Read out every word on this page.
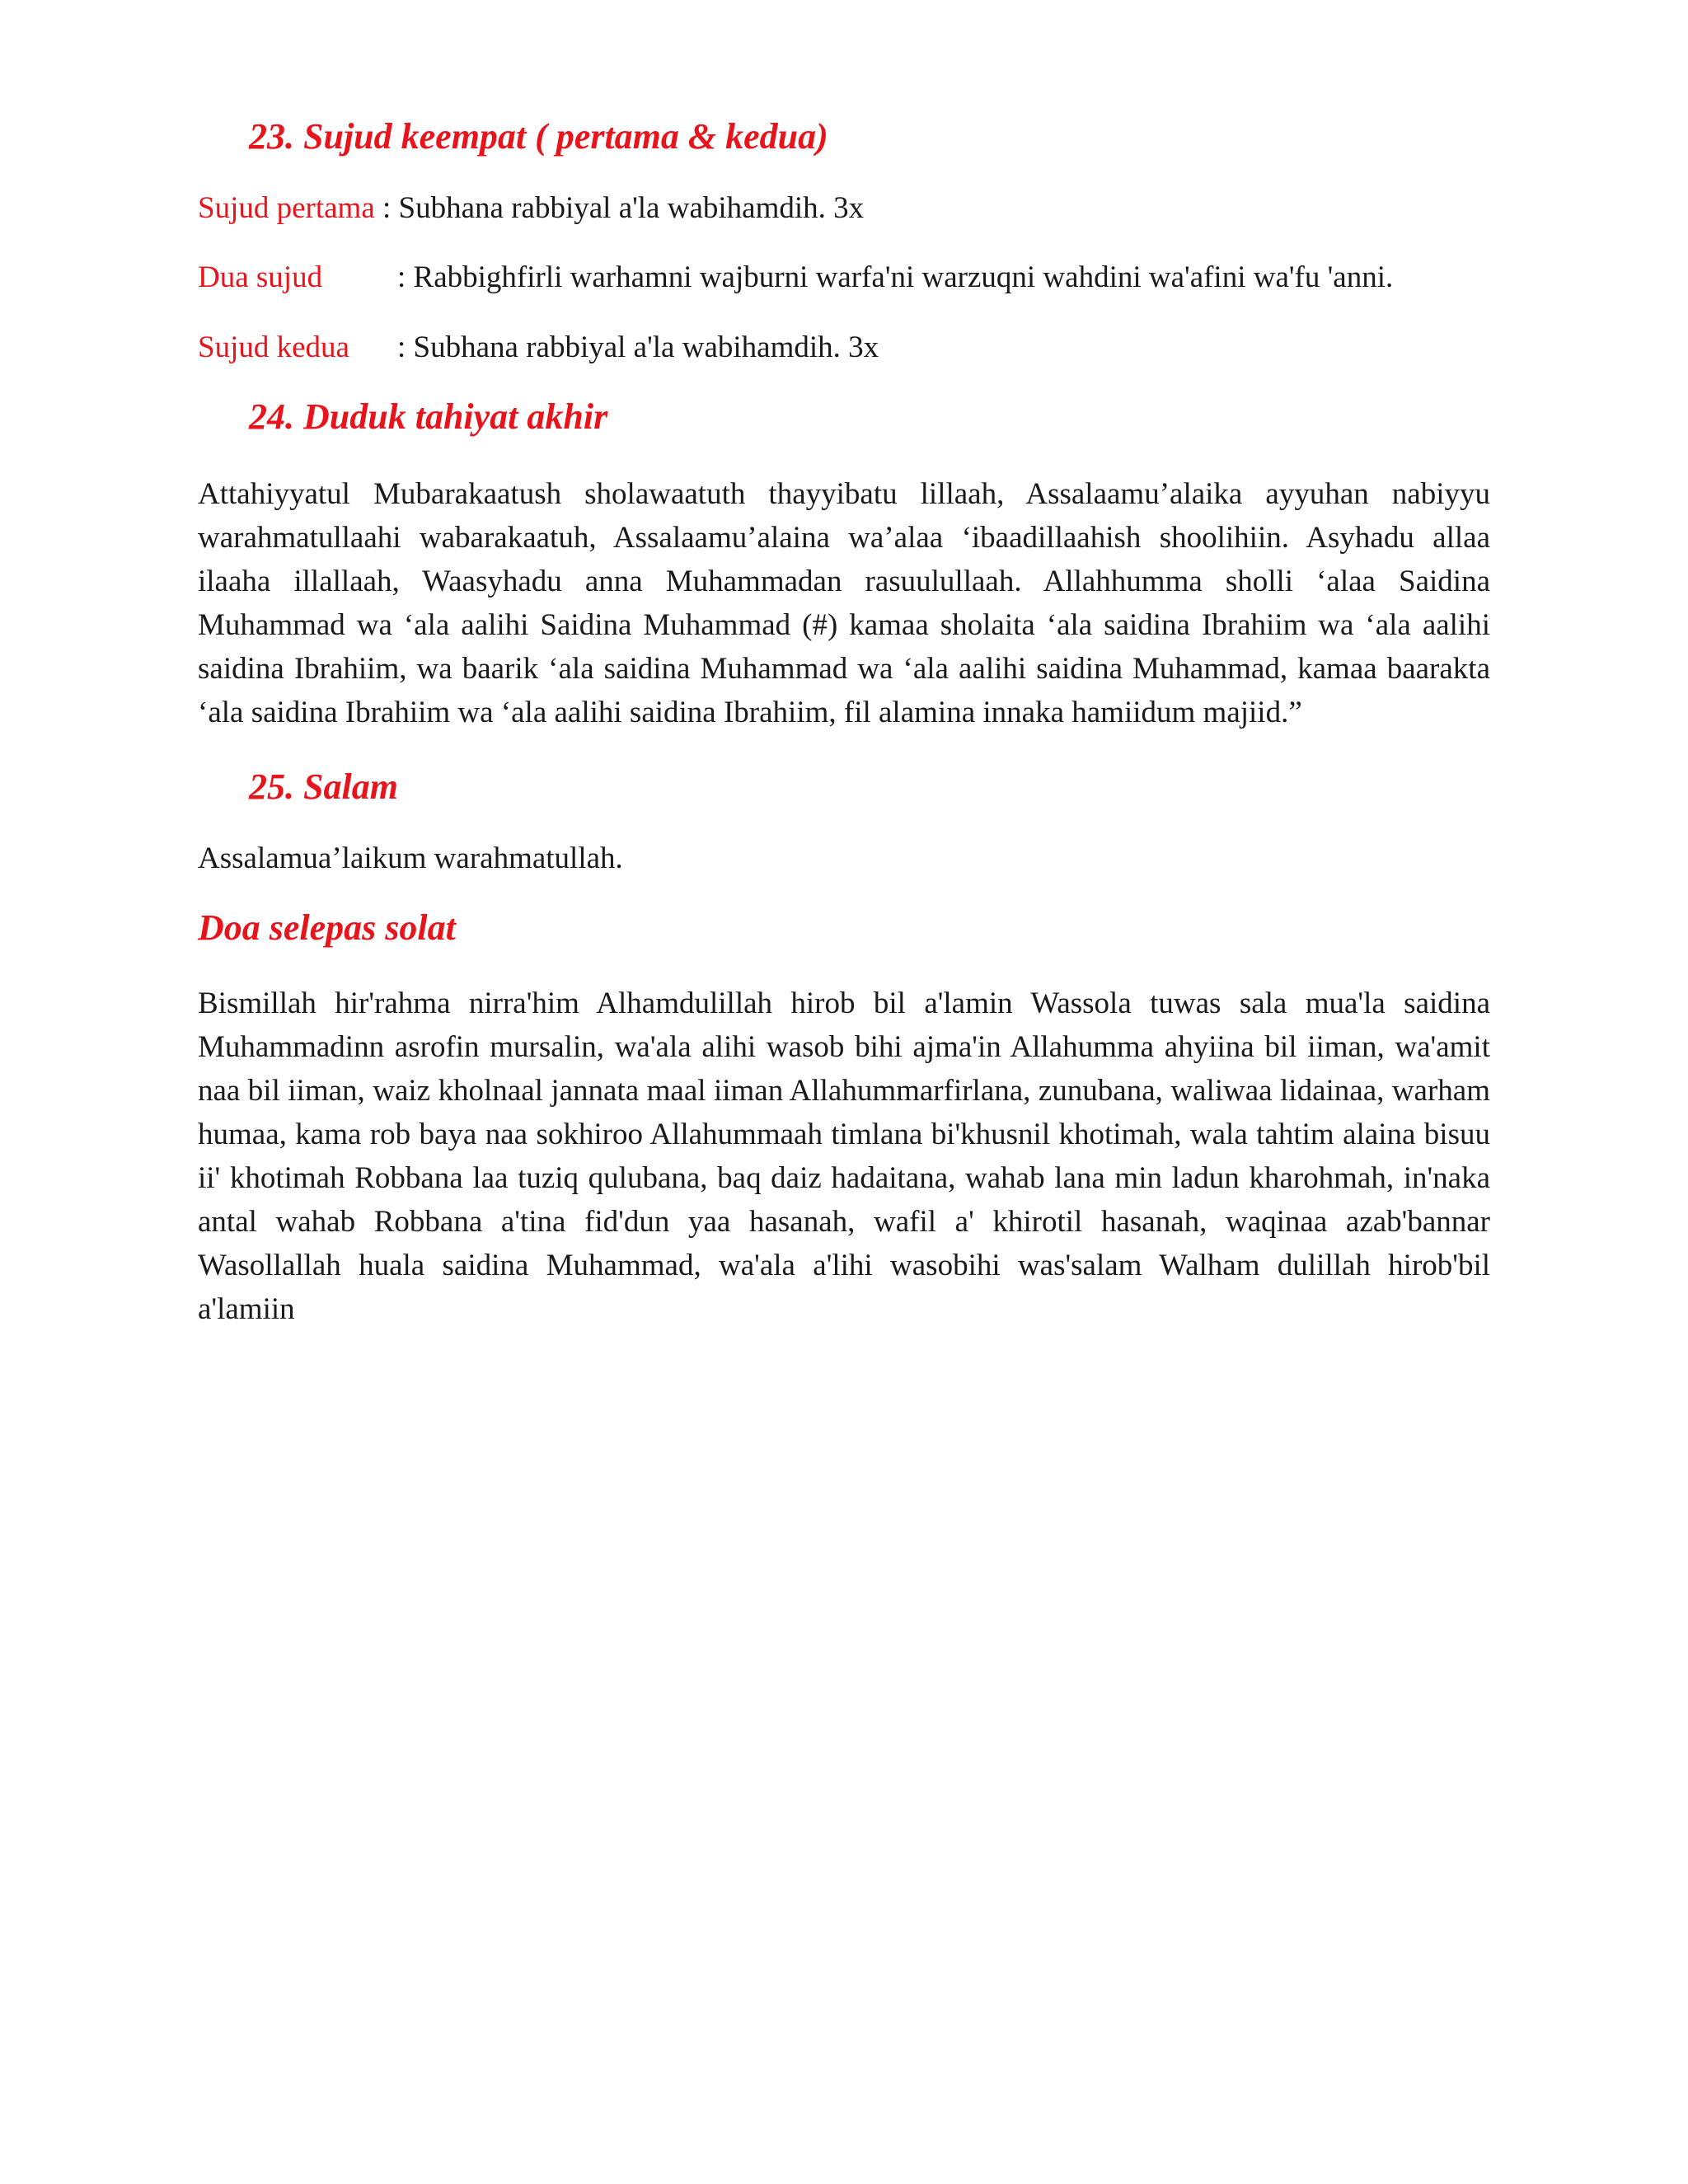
23. Sujud keempat ( pertama & kedua)

Sujud pertama : Subhana rabbiyal a'la wabihamdih. 3x

Dua sujud	: Rabbighfirli warhamni wajburni warfa'ni warzuqni wahdini wa'afini wa'fu 'anni.

Sujud kedua	: Subhana rabbiyal a'la wabihamdih. 3x

24. Duduk tahiyat akhir

Attahiyyatul Mubarakaatush sholawaatuth thayyibatu lillaah, Assalaamu’alaika ayyuhan nabiyyu warahmatullaahi wabarakaatuh, Assalaamu’alaina wa’alaa ‘ibaadillaahish shoolihiin. Asyhadu allaa ilaaha illallaah, Waasyhadu anna Muhammadan rasuulullaah. Allahhumma sholli ‘alaa Saidina Muhammad wa ‘ala aalihi Saidina Muhammad (#) kamaa sholaita ‘ala saidina Ibrahiim wa ‘ala aalihi saidina Ibrahiim, wa baarik ‘ala saidina Muhammad wa ‘ala aalihi saidina Muhammad, kamaa baarakta ‘ala saidina Ibrahiim wa ‘ala aalihi saidina Ibrahiim, fil alamina innaka hamiidum majiid.”

25. Salam

Assalamua’laikum warahmatullah.

Doa selepas solat

Bismillah hir'rahma nirra'him Alhamdulillah hirob bil a'lamin Wassola tuwas sala mua'la saidina Muhammadinn asrofin mursalin, wa'ala alihi wasob bihi ajma'in Allahumma ahyiina bil iiman, wa'amit naa bil iiman, waiz kholnaal jannata maal iiman Allahummarfirlana, zunubana, waliwaa lidainaa, warham humaa, kama rob baya naa sokhiroo Allahummaah timlana bi'khusnil khotimah, wala tahtim alaina bisuu ii' khotimah Robbana laa tuziq qulubana, baq daiz hadaitana, wahab lana min ladun kharohmah, in'naka antal wahab Robbana a'tina fid'dun yaa hasanah, wafil a' khirotil hasanah, waqinaa azab'bannar Wasollallah huala saidina Muhammad, wa'ala a'lihi wasobihi was'salam Walham dulillah hirob'bil a'lamiin
